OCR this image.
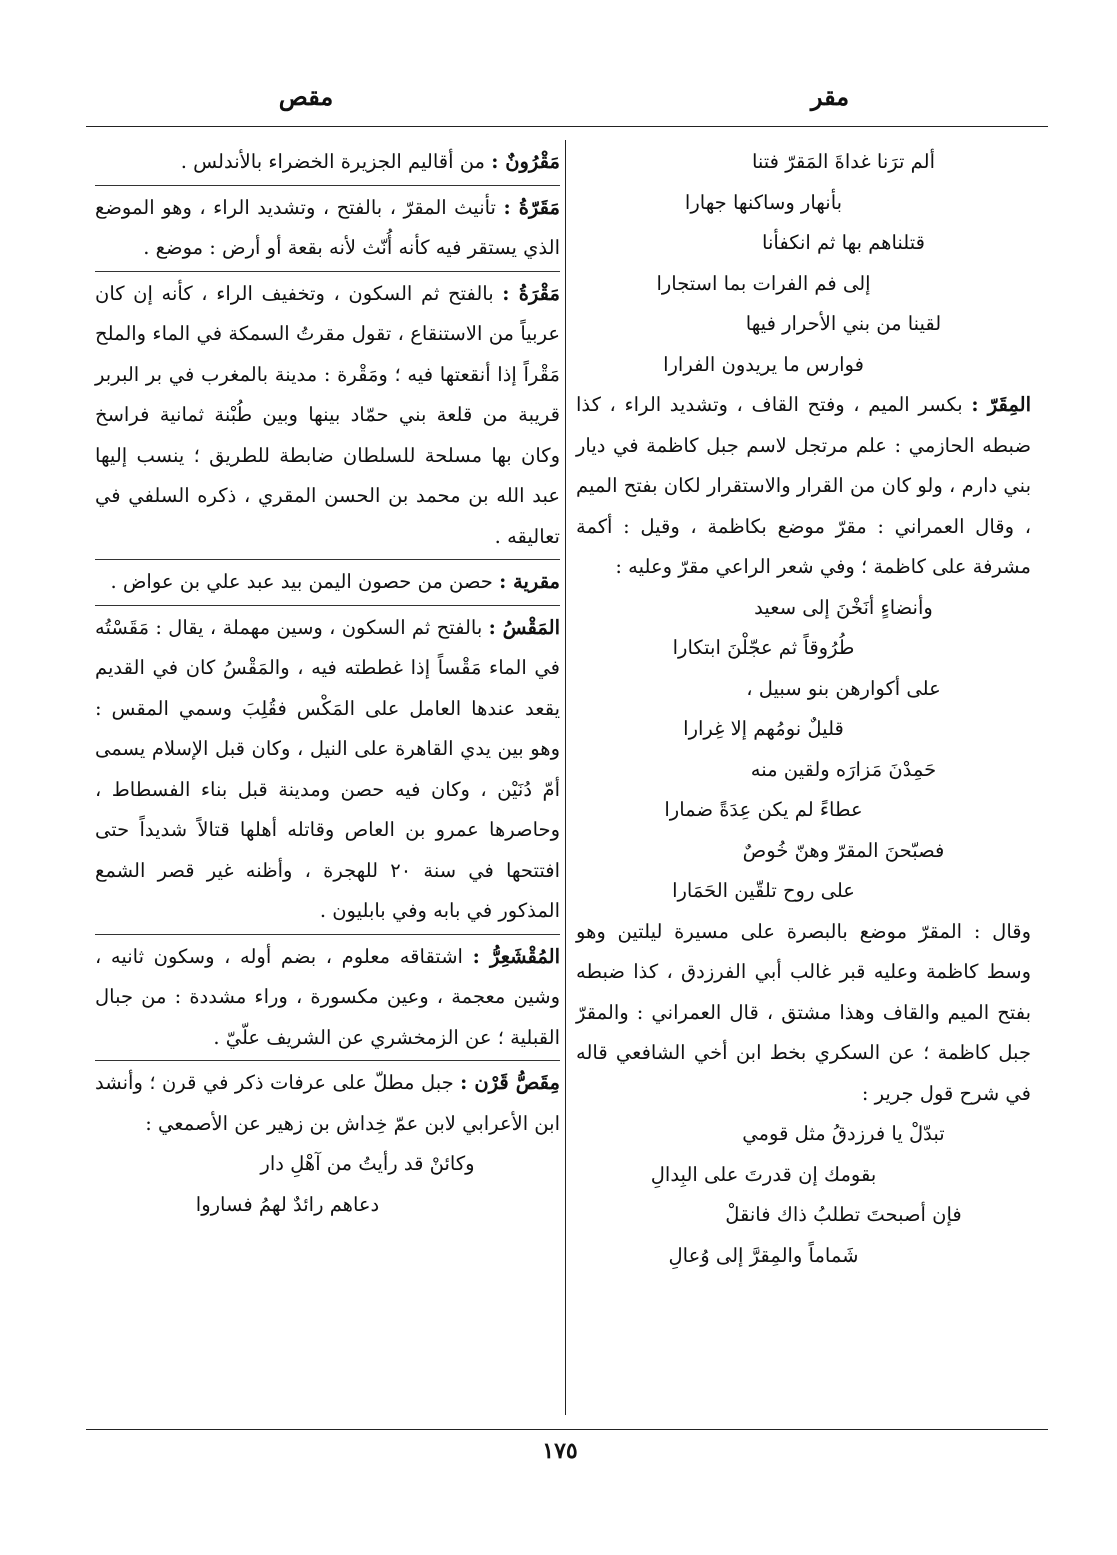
مقر
مقص

ألم ترَنا غداةَ المَقرّ فتنا

بأنهار وساكنها جهارا

قتلناهم بها ثم انكفأنا

إلى فم الفرات بما استجارا

لقينا من بني الأحرار فيها

فوارس ما يريدون الفرارا

المِقَرّ : بكسر الميم ، وفتح القاف ، وتشديد الراء ، كذا ضبطه الحازمي : علم مرتجل لاسم جبل كاظمة في ديار بني دارم ، ولو كان من القرار والاستقرار لكان بفتح الميم ، وقال العمراني : مقرّ موضع بكاظمة ، وقيل : أكمة مشرفة على كاظمة ؛ وفي شعر الراعي مقرّ وعليه :

وأنضاءٍ أنَخْنَ إلى سعيد

طُرُوقاً ثم عجّلْنَ ابتكارا

على أكوارهن بنو سبيل ،

قليلٌ نومُهم إلا غِرارا

حَمِدْنَ مَزارَه ولقين منه

عطاءً لم يكن عِدَةً ضمارا

فصبّحنَ المقرّ وهنّ خُوصٌ

على روح تلقّين الحَمَارا

وقال : المقرّ موضع بالبصرة على مسيرة ليلتين وهو وسط كاظمة وعليه قبر غالب أبي الفرزدق ، كذا ضبطه بفتح الميم والقاف وهذا مشتق ، قال العمراني : والمقرّ جبل كاظمة ؛ عن السكري بخط ابن أخي الشافعي قاله في شرح قول جرير :

تبدّلْ يا فرزدقُ مثل قومي

بقومك إن قدرتَ على البِدالِ

فإن أصبحتَ تطلبُ ذاك فانقلْ

شَماماً والمِقرَّ إلى وُعالِ

مَقْرُونٌ : من أقاليم الجزيرة الخضراء بالأندلس .

مَقَرّةُ : تأنيث المقرّ ، بالفتح ، وتشديد الراء ، وهو الموضع الذي يستقر فيه كأنه أُنّث لأنه بقعة أو أرض : موضع .

مَقْرَةُ : بالفتح ثم السكون ، وتخفيف الراء ، كأنه إن كان عربياً من الاستنقاع ، تقول مقرتُ السمكة في الماء والملح مَقْراً إذا أنقعتها فيه ؛ ومَقْرة : مدينة بالمغرب في بر البربر قريبة من قلعة بني حمّاد بينها وبين طُبْنة ثمانية فراسخ وكان بها مسلحة للسلطان ضابطة للطريق ؛ ينسب إليها عبد الله بن محمد بن الحسن المقري ، ذكره السلفي في تعاليقه .

مقرية : حصن من حصون اليمن بيد عبد علي بن عواض .

المَقْسُ : بالفتح ثم السكون ، وسين مهملة ، يقال : مَقَسْتُه في الماء مَقْساً إذا غططته فيه ، والمَقْسُ كان في القديم يقعد عندها العامل على المَكْس فقُلِبَ وسمي المقس : وهو بين يدي القاهرة على النيل ، وكان قبل الإسلام يسمى أمّ دُنَيْن ، وكان فيه حصن ومدينة قبل بناء الفسطاط ، وحاصرها عمرو بن العاص وقاتله أهلها قتالاً شديداً حتى افتتحها في سنة ٢٠ للهجرة ، وأظنه غير قصر الشمع المذكور في بابه وفي بابليون .

المُقْشَعِرُّ : اشتقاقه معلوم ، بضم أوله ، وسكون ثانيه ، وشين معجمة ، وعين مكسورة ، وراء مشددة : من جبال القبلية ؛ عن الزمخشري عن الشريف علّيّ .

مِقَصُّ قَرْن : جبل مطلّ على عرفات ذكر في قرن ؛ وأنشد ابن الأعرابي لابن عمّ خِداش بن زهير عن الأصمعي :

وكائنْ قد رأيتُ من آهْلِ دار

دعاهم رائدٌ لهمُ فساروا

١٧٥
